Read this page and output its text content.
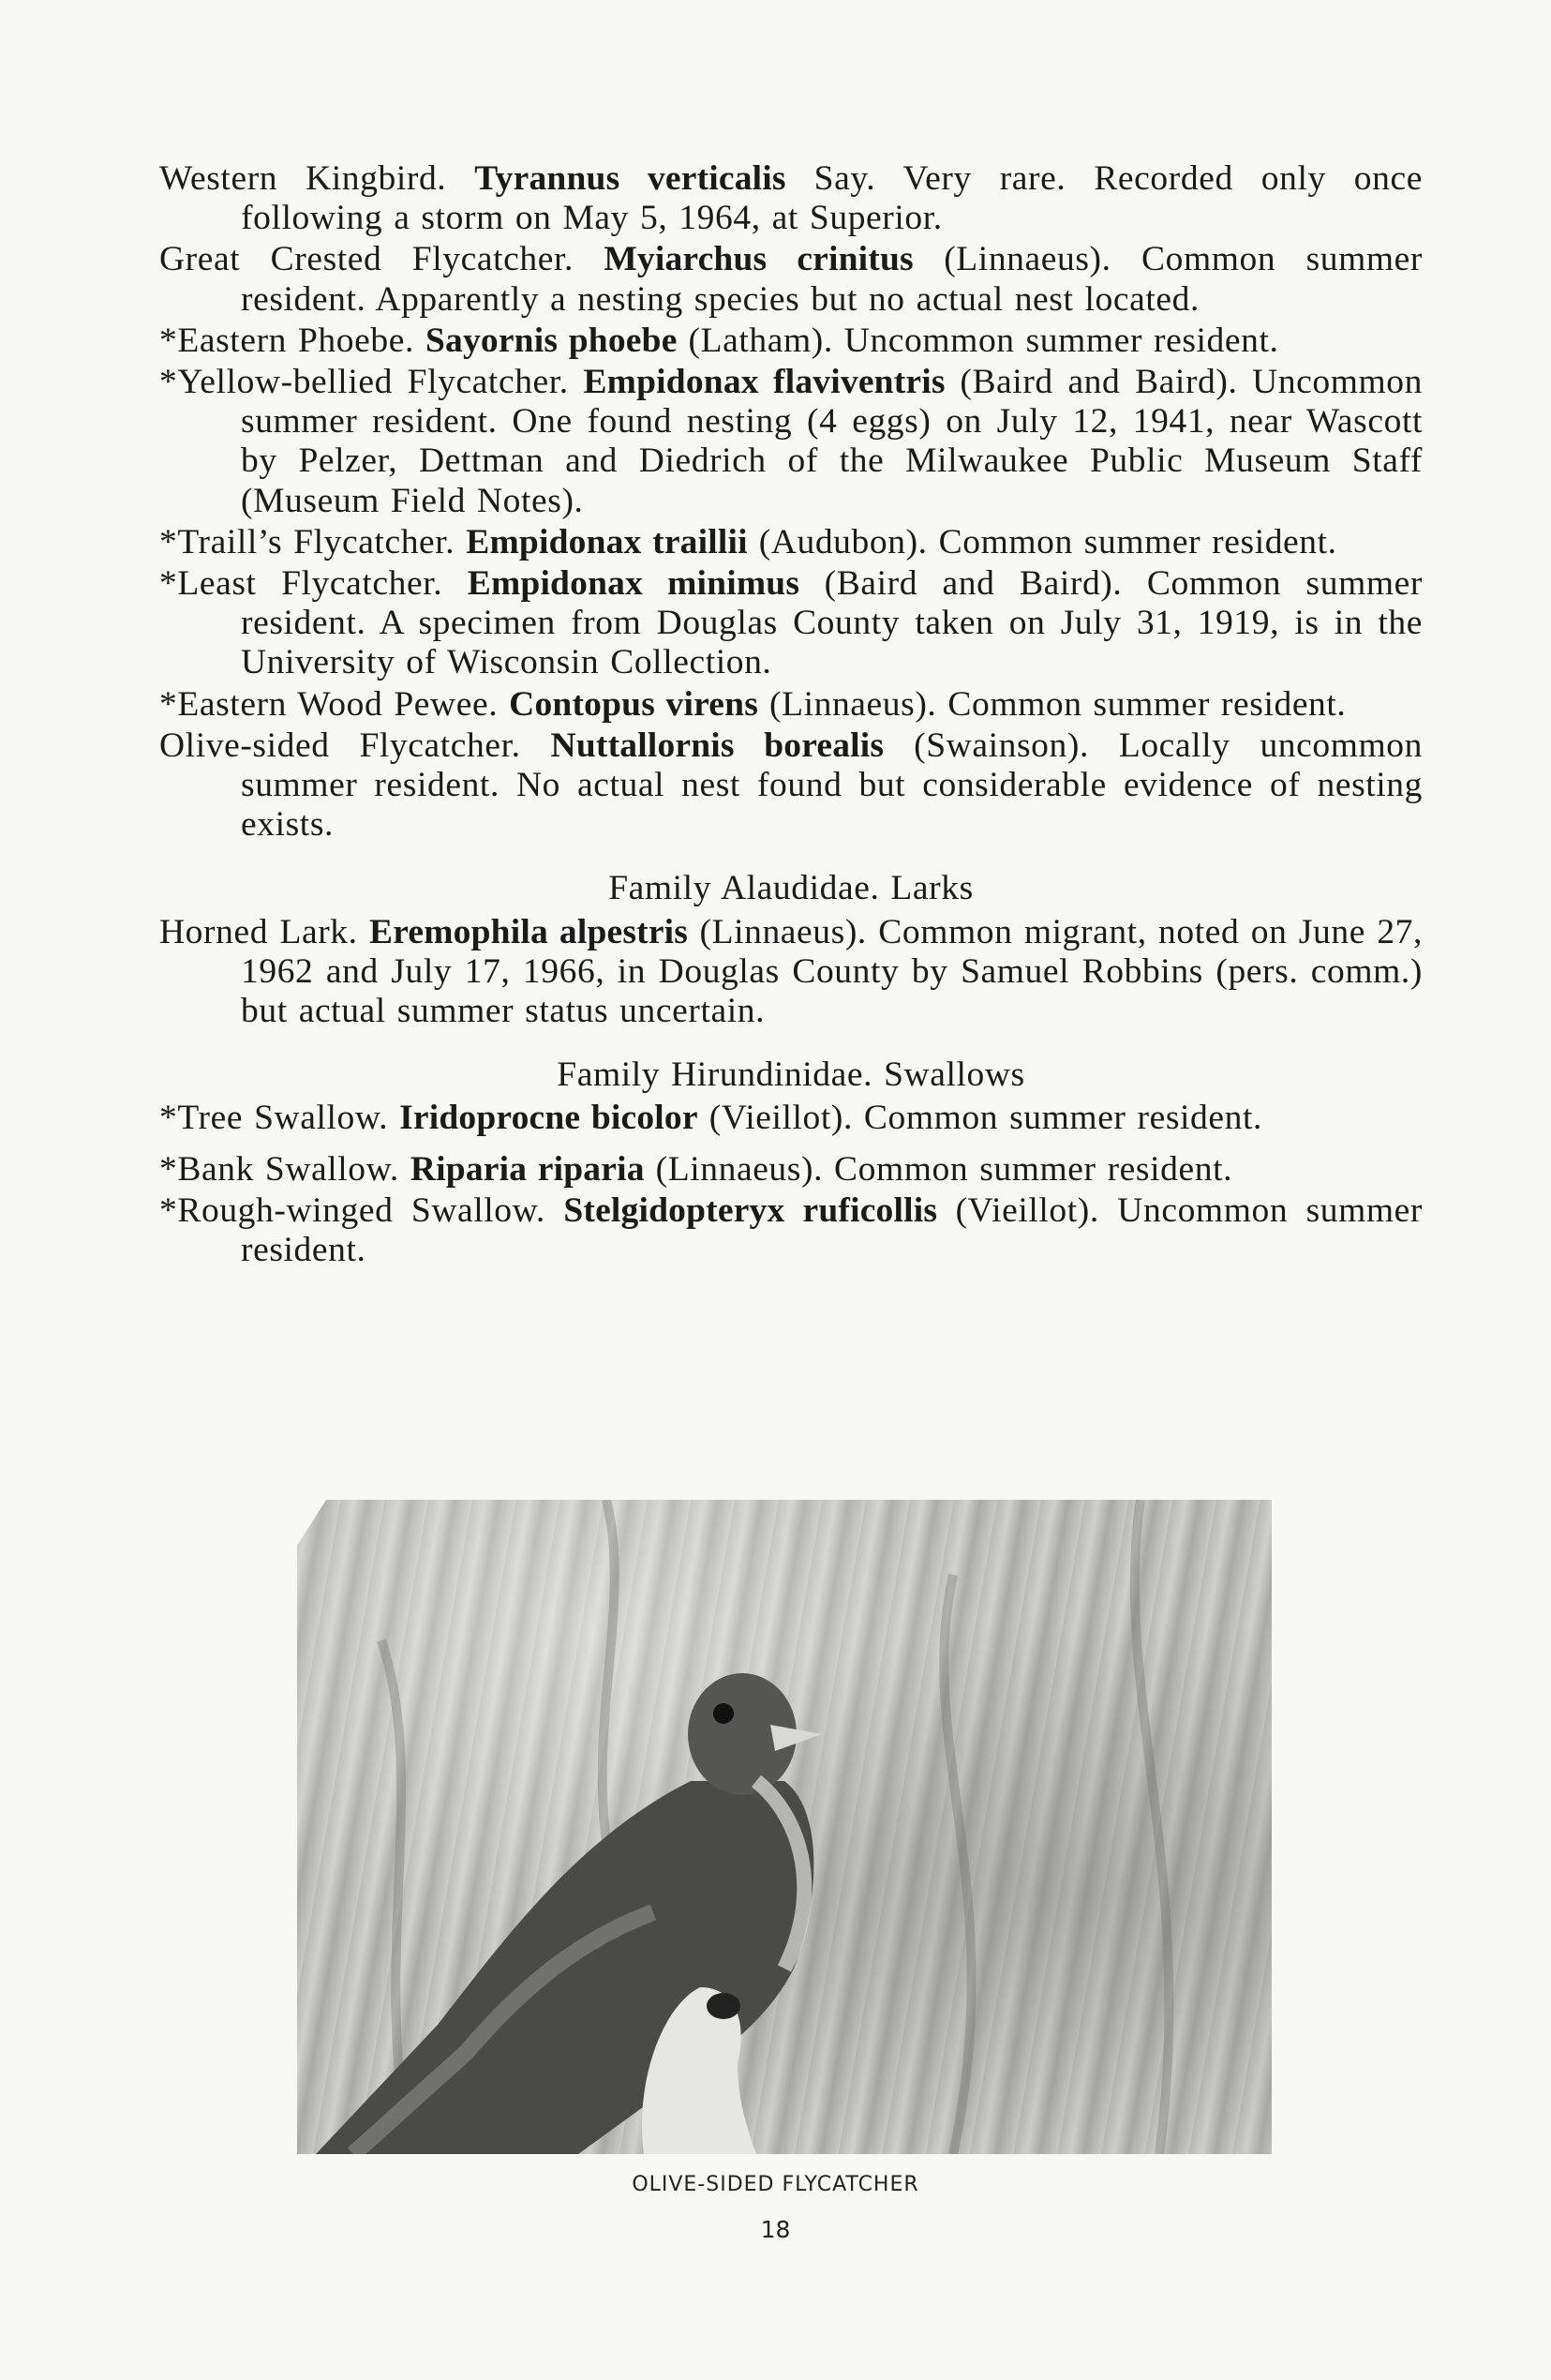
Western Kingbird. Tyrannus verticalis Say. Very rare. Recorded only once following a storm on May 5, 1964, at Superior.

Great Crested Flycatcher. Myiarchus crinitus (Linnaeus). Common summer resident. Apparently a nesting species but no actual nest located.

*Eastern Phoebe. Sayornis phoebe (Latham). Uncommon summer resident.

*Yellow-bellied Flycatcher. Empidonax flaviventris (Baird and Baird). Uncommon summer resident. One found nesting (4 eggs) on July 12, 1941, near Wascott by Pelzer, Dettman and Diedrich of the Milwaukee Public Museum Staff (Museum Field Notes).

*Traill’s Flycatcher. Empidonax traillii (Audubon). Common summer resident.

*Least Flycatcher. Empidonax minimus (Baird and Baird). Common summer resident. A specimen from Douglas County taken on July 31, 1919, is in the University of Wisconsin Collection.

*Eastern Wood Pewee. Contopus virens (Linnaeus). Common summer resident.

Olive-sided Flycatcher. Nuttallornis borealis (Swainson). Locally uncommon summer resident. No actual nest found but considerable evidence of nesting exists.

Family Alaudidae. Larks

Horned Lark. Eremophila alpestris (Linnaeus). Common migrant, noted on June 27, 1962 and July 17, 1966, in Douglas County by Samuel Robbins (pers. comm.) but actual summer status uncertain.

Family Hirundinidae. Swallows

*Tree Swallow. Iridoprocne bicolor (Vieillot). Common summer resident.

*Bank Swallow. Riparia riparia (Linnaeus). Common summer resident.

*Rough-winged Swallow. Stelgidopteryx ruficollis (Vieillot). Uncommon summer resident.

OLIVE-SIDED FLYCATCHER
18
